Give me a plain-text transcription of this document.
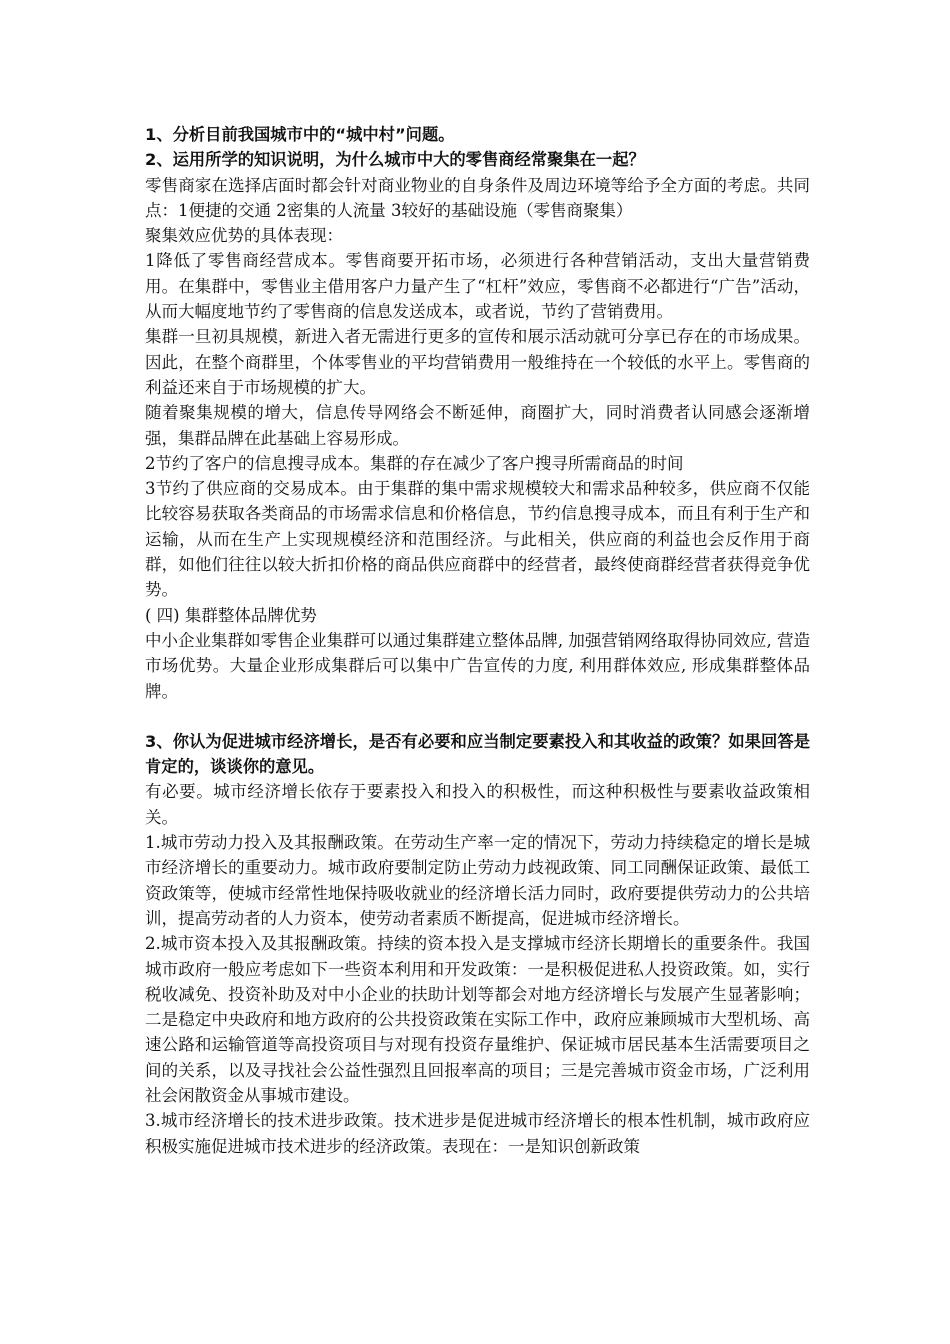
1、分析目前我国城市中的“城中村”问题。

2、运用所学的知识说明，为什么城市中大的零售商经常聚集在一起？

零售商家在选择店面时都会针对商业物业的自身条件及周边环境等给予全方面的考虑。共同点：1便捷的交通 2密集的人流量 3较好的基础设施（零售商聚集）

聚集效应优势的具体表现：

1降低了零售商经营成本。零售商要开拓市场，必须进行各种营销活动，支出大量营销费用。在集群中，零售业主借用客户力量产生了“杠杆”效应，零售商不必都进行“广告”活动，从而大幅度地节约了零售商的信息发送成本，或者说，节约了营销费用。

集群一旦初具规模，新进入者无需进行更多的宣传和展示活动就可分享已存在的市场成果。因此，在整个商群里，个体零售业的平均营销费用一般维持在一个较低的水平上。零售商的利益还来自于市场规模的扩大。

随着聚集规模的增大，信息传导网络会不断延伸，商圈扩大，同时消费者认同感会逐渐增强，集群品牌在此基础上容易形成。

2节约了客户的信息搜寻成本。集群的存在减少了客户搜寻所需商品的时间

3节约了供应商的交易成本。由于集群的集中需求规模较大和需求品种较多，供应商不仅能比较容易获取各类商品的市场需求信息和价格信息，节约信息搜寻成本，而且有利于生产和运输，从而在生产上实现规模经济和范围经济。与此相关，供应商的利益也会反作用于商群，如他们往往以较大折扣价格的商品供应商群中的经营者，最终使商群经营者获得竞争优势。

( 四) 集群整体品牌优势

中小企业集群如零售企业集群可以通过集群建立整体品牌, 加强营销网络取得协同效应, 营造市场优势。大量企业形成集群后可以集中广告宣传的力度, 利用群体效应, 形成集群整体品牌。

3、你认为促进城市经济增长，是否有必要和应当制定要素投入和其收益的政策？如果回答是肯定的，谈谈你的意见。

有必要。城市经济增长依存于要素投入和投入的积极性，而这种积极性与要素收益政策相关。

1.城市劳动力投入及其报酬政策。在劳动生产率一定的情况下，劳动力持续稳定的增长是城市经济增长的重要动力。城市政府要制定防止劳动力歧视政策、同工同酬保证政策、最低工资政策等，使城市经常性地保持吸收就业的经济增长活力同时，政府要提供劳动力的公共培训，提高劳动者的人力资本，使劳动者素质不断提高，促进城市经济增长。

2.城市资本投入及其报酬政策。持续的资本投入是支撑城市经济长期增长的重要条件。我国城市政府一般应考虑如下一些资本利用和开发政策：一是积极促进私人投资政策。如，实行税收减免、投资补助及对中小企业的扶助计划等都会对地方经济增长与发展产生显著影响；二是稳定中央政府和地方政府的公共投资政策在实际工作中，政府应兼顾城市大型机场、高速公路和运输管道等高投资项目与对现有投资存量维护、保证城市居民基本生活需要项目之间的关系，以及寻找社会公益性强烈且回报率高的项目；三是完善城市资金市场，广泛利用社会闲散资金从事城市建设。

3.城市经济增长的技术进步政策。技术进步是促进城市经济增长的根本性机制，城市政府应积极实施促进城市技术进步的经济政策。表现在：一是知识创新政策
